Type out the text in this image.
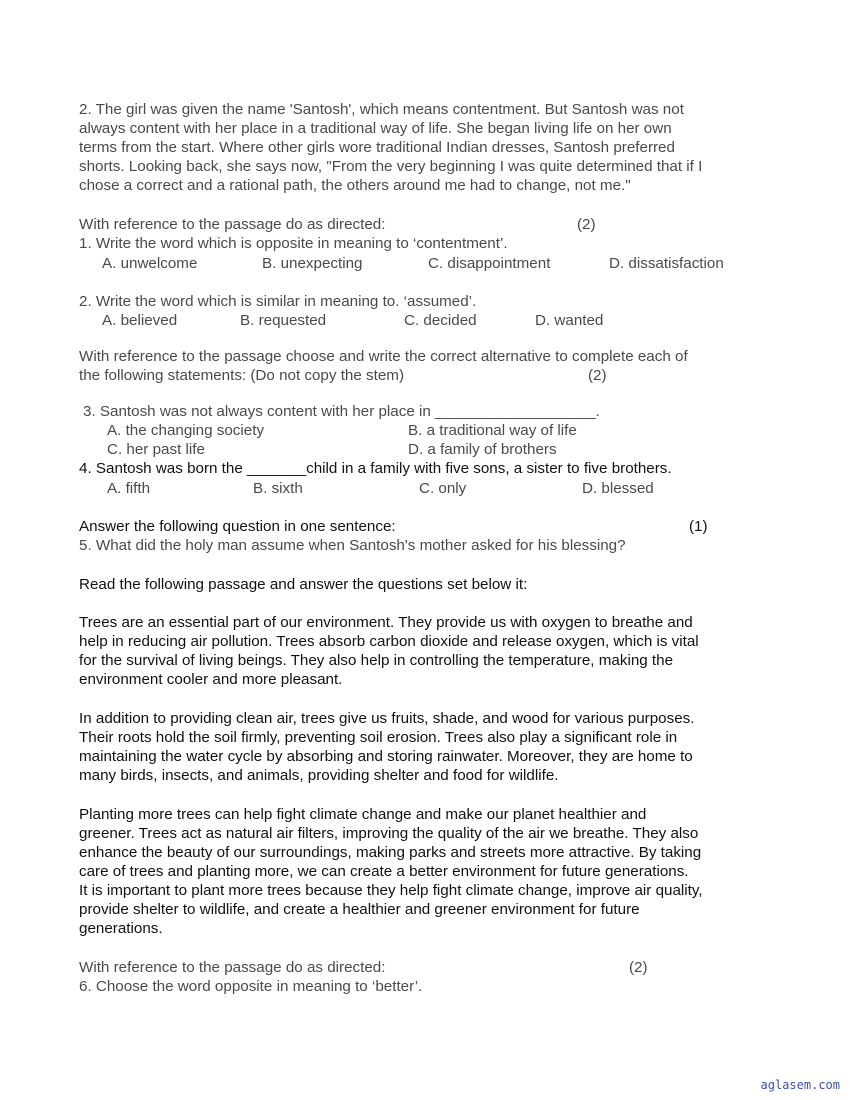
2. The girl was given the name 'Santosh', which means contentment. But Santosh was not
always content with her place in a traditional way of life. She began living life on her own
terms from the start. Where other girls wore traditional Indian dresses, Santosh preferred
shorts. Looking back, she says now, "From the very beginning I was quite determined that if I
chose a correct and a rational path, the others around me had to change, not me."
With reference to the passage do as directed:	(2)
1. Write the word which is opposite in meaning to ‘contentment’.
A. unwelcome	B. unexpecting	C. disappointment	D. dissatisfaction
2. Write the word which is similar in meaning to. ‘assumed’.
A. believed	B. requested	C. decided	D. wanted
With reference to the passage choose and write the correct alternative to complete each of
the following statements: (Do not copy the stem)	(2)
3. Santosh was not always content with her place in ___________________.
A. the changing society	B. a traditional way of life
C. her past life	D. a family of brothers
4. Santosh was born the _______child in a family with five sons, a sister to five brothers.
A. fifth	B. sixth	C. only	D. blessed
Answer the following question in one sentence:	(1)
5. What did the holy man assume when Santosh's mother asked for his blessing?
Read the following passage and answer the questions set below it:
Trees are an essential part of our environment. They provide us with oxygen to breathe and
help in reducing air pollution. Trees absorb carbon dioxide and release oxygen, which is vital
for the survival of living beings. They also help in controlling the temperature, making the
environment cooler and more pleasant.
In addition to providing clean air, trees give us fruits, shade, and wood for various purposes.
Their roots hold the soil firmly, preventing soil erosion. Trees also play a significant role in
maintaining the water cycle by absorbing and storing rainwater. Moreover, they are home to
many birds, insects, and animals, providing shelter and food for wildlife.
Planting more trees can help fight climate change and make our planet healthier and
greener. Trees act as natural air filters, improving the quality of the air we breathe. They also
enhance the beauty of our surroundings, making parks and streets more attractive. By taking
care of trees and planting more, we can create a better environment for future generations.
It is important to plant more trees because they help fight climate change, improve air quality,
provide shelter to wildlife, and create a healthier and greener environment for future
generations.
With reference to the passage do as directed:	(2)
6. Choose the word opposite in meaning to ‘better’.
aglasem.com
